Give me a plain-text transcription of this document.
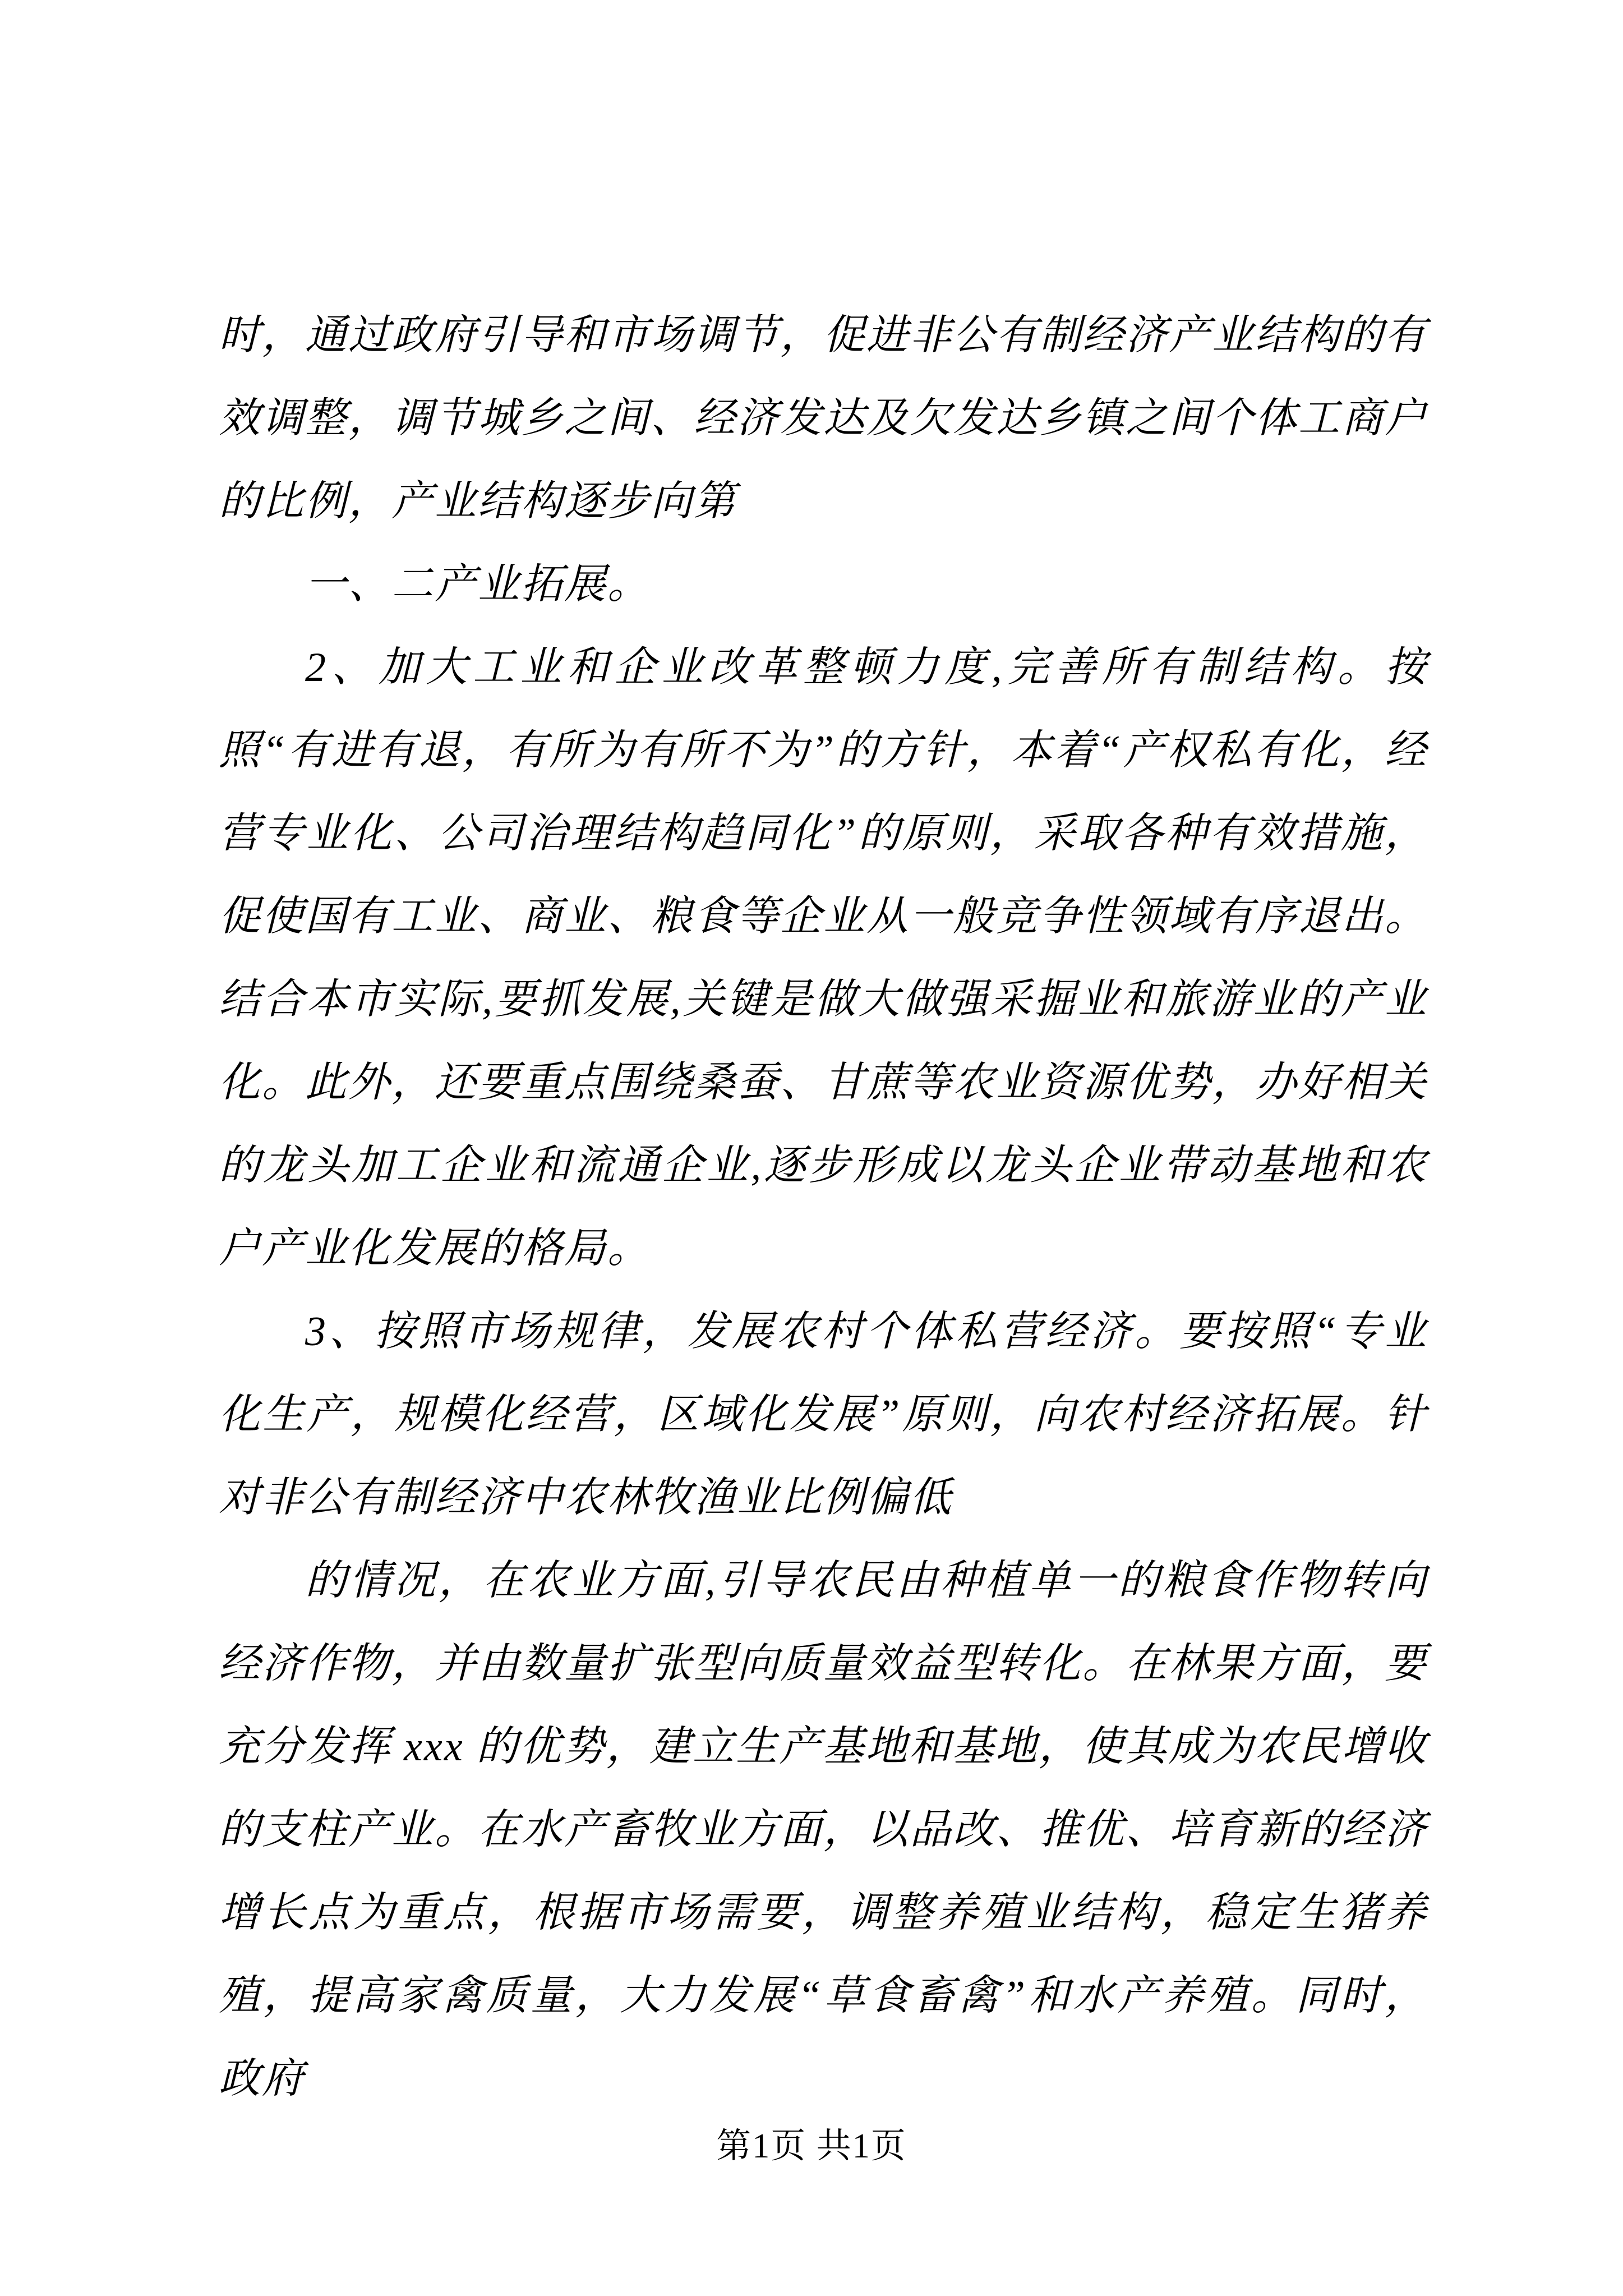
时，通过政府引导和市场调节，促进非公有制经济产业结构的有效调整，调节城乡之间、经济发达及欠发达乡镇之间个体工商户的比例，产业结构逐步向第

一、二产业拓展。

2、加大工业和企业改革整顿力度,完善所有制结构。按照“有进有退，有所为有所不为”的方针，本着“产权私有化，经营专业化、公司治理结构趋同化”的原则，采取各种有效措施，促使国有工业、商业、粮食等企业从一般竞争性领域有序退出。结合本市实际,要抓发展,关键是做大做强采掘业和旅游业的产业化。此外，还要重点围绕桑蚕、甘蔗等农业资源优势，办好相关的龙头加工企业和流通企业,逐步形成以龙头企业带动基地和农户产业化发展的格局。

3、按照市场规律，发展农村个体私营经济。要按照“专业化生产，规模化经营，区域化发展”原则，向农村经济拓展。针对非公有制经济中农林牧渔业比例偏低

的情况，在农业方面,引导农民由种植单一的粮食作物转向经济作物，并由数量扩张型向质量效益型转化。在林果方面，要充分发挥 xxx 的优势，建立生产基地和基地，使其成为农民增收的支柱产业。在水产畜牧业方面，以品改、推优、培育新的经济增长点为重点，根据市场需要，调整养殖业结构，稳定生猪养殖，提高家禽质量，大力发展“草食畜禽”和水产养殖。同时，政府

第1页 共1页
